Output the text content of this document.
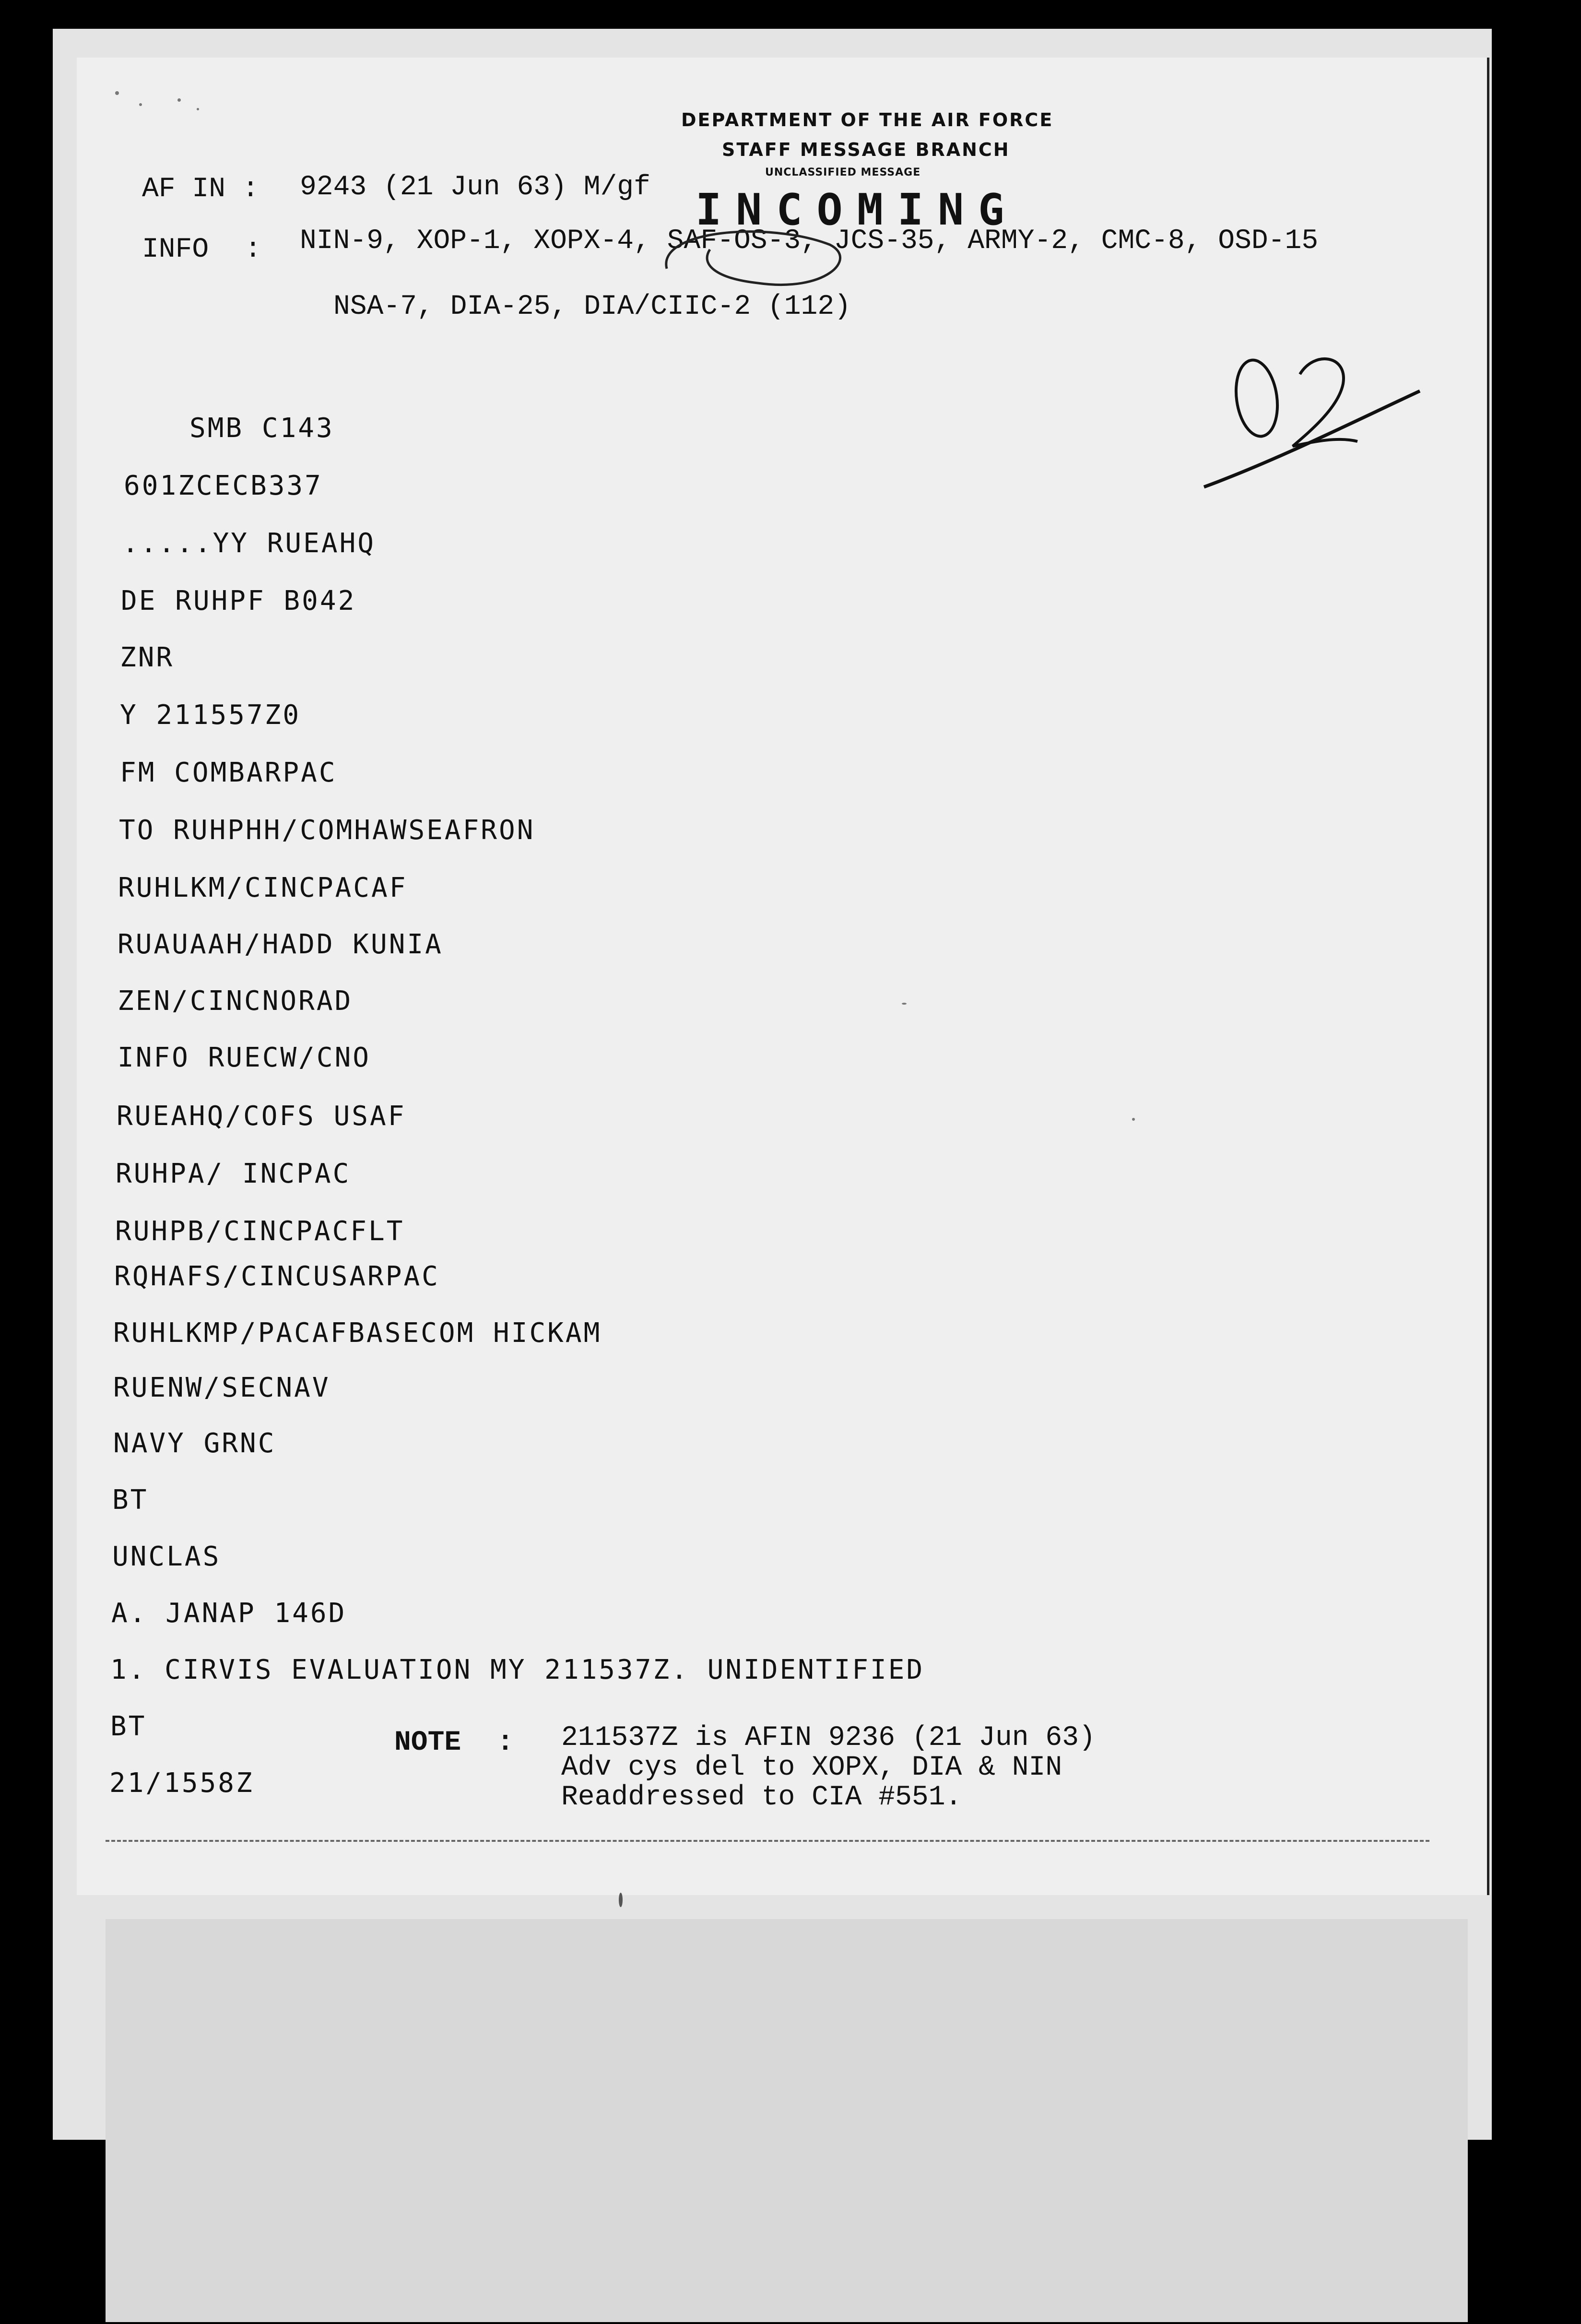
DEPARTMENT OF THE AIR FORCE
STAFF MESSAGE BRANCH
UNCLASSIFIED MESSAGE
INCOMING
AF IN : 9243 (21 Jun 63) M/gf
INFO : NIN-9, XOP-1, XOPX-4, SAF-OS-3, JCS-35, ARMY-2, CMC-8, OSD-15
NSA-7, DIA-25, DIA/CIIC-2 (112)
SMB C143
601ZCECB337
.....YY RUEAHQ
DE RUHPF B042
ZNR
Y 211557Z0
FM COMBARPAC
TO RUHPHH/COMHAWSEAFRON
RUHLKM/CINCPACAF
RUAUAAH/HADD KUNIA
ZEN/CINCNORAD
INFO RUECW/CNO
RUEAHQ/COFS USAF
RUHPA/ INCPAC
RUHPB/CINCPACFLT
RQHAFS/CINCUSARPAC
RUHLKMP/PACAFBASECOM HICKAM
RUENW/SECNAV
NAVY GRNC
BT
UNCLAS
A. JANAP 146D
1. CIRVIS EVALUATION MY 211537Z. UNIDENTIFIED
BT
21/1558Z
NOTE : 211537Z is AFIN 9236 (21 Jun 63)
Adv cys del to XOPX, DIA & NIN
Readdressed to CIA #551.
